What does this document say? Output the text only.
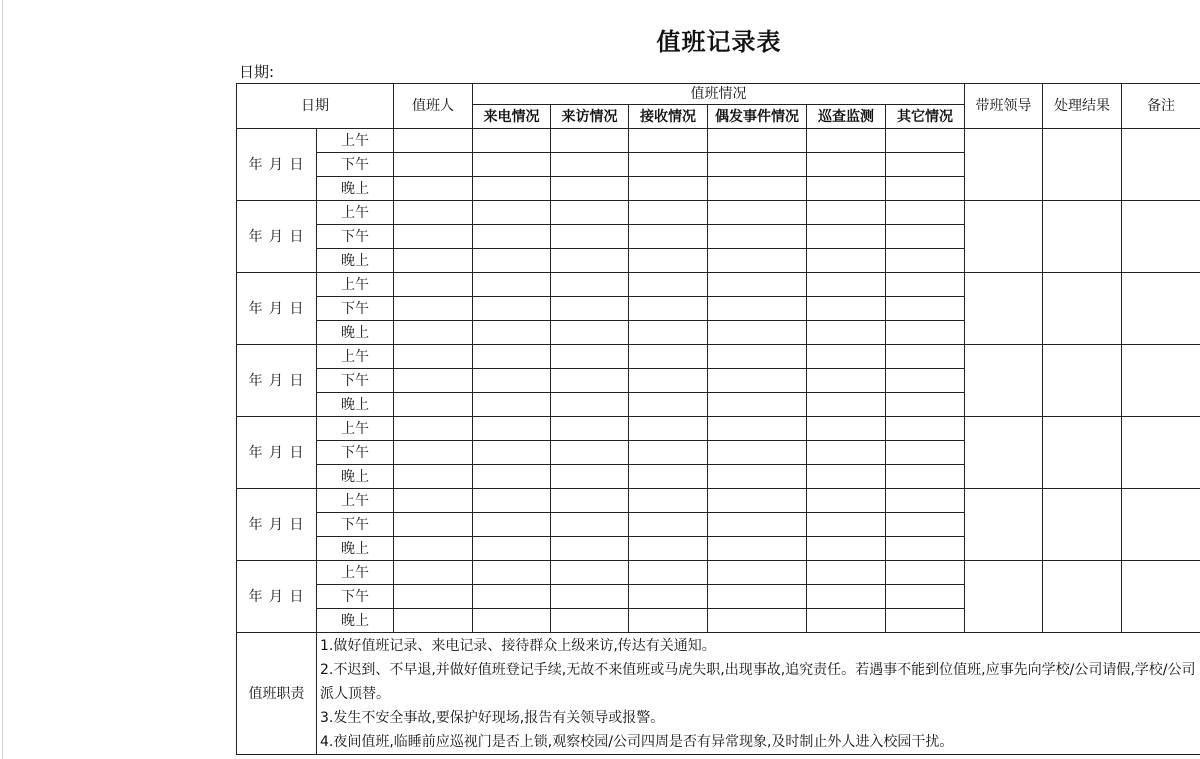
值班记录表
日期:
日期		值班人	值班情况						带班领导	处理结果	备注
			来电情况	来访情况	接收情况	偶发事件情况	巡查监测	其它情况			
年 月 日	上午										
	下午										
	晚上										
年 月 日	上午										
	下午										
	晚上										
年 月 日	上午										
	下午										
	晚上										
年 月 日	上午										
	下午										
	晚上										
年 月 日	上午										
	下午										
	晚上										
年 月 日	上午										
	下午										
	晚上										
年 月 日	上午										
	下午										
	晚上										
值班职责	1.做好值班记录、来电记录、接待群众上级来访,传达有关通知。
2.不迟到、不早退,并做好值班登记手续,无故不来值班或马虎失职,出现事故,追究责任。若遇事不能到位值班,应事先向学校/公司请假,学校/公司派人顶替。
3.发生不安全事故,要保护好现场,报告有关领导或报警。
4.夜间值班,临睡前应巡视门是否上锁,观察校园/公司四周是否有异常现象,及时制止外人进入校园干扰。										
